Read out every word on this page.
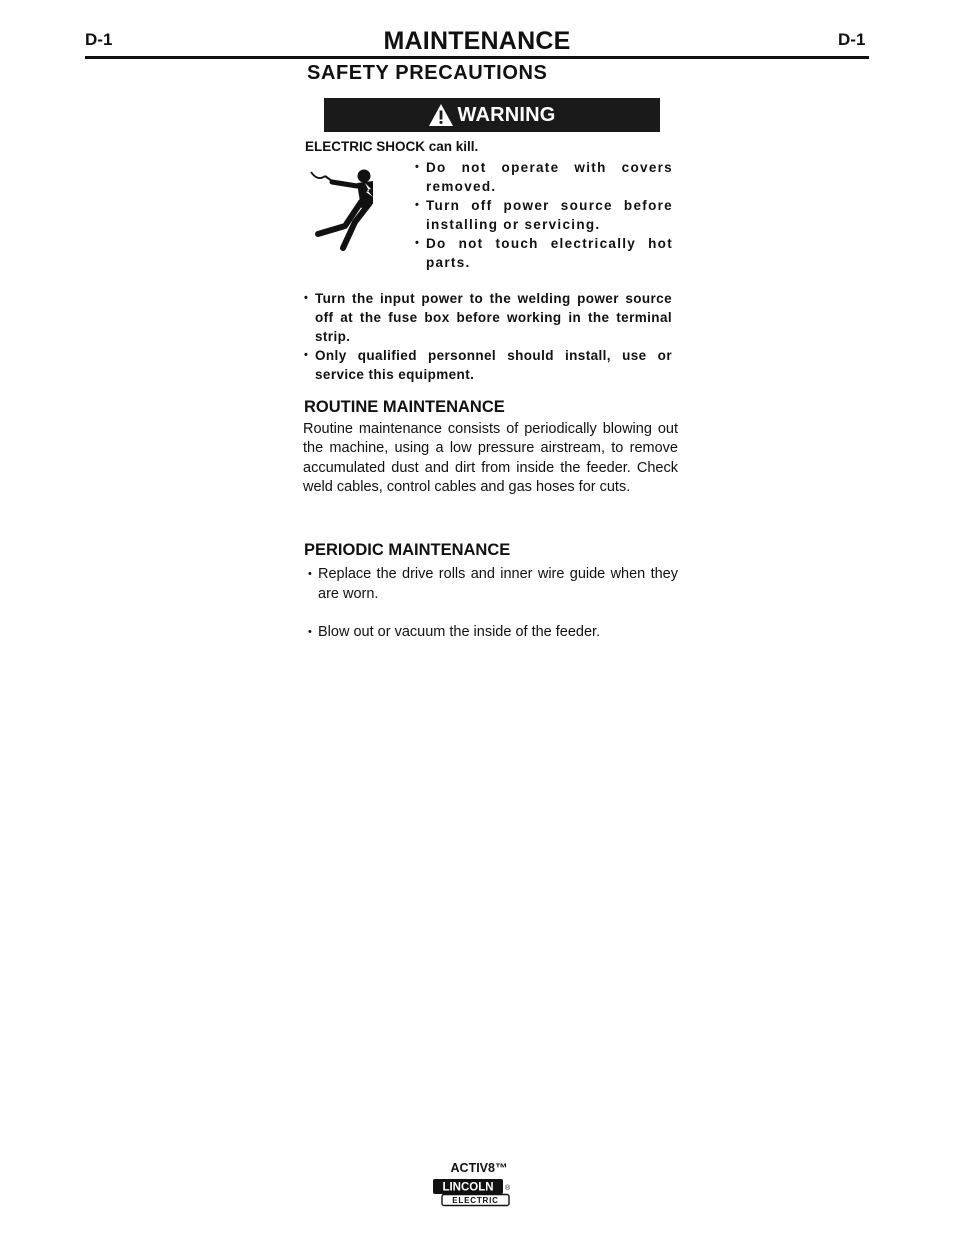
D-1	MAINTENANCE	D-1
SAFETY PRECAUTIONS
WARNING
ELECTRIC SHOCK can kill.
• Do not operate with covers removed.
• Turn off power source before installing or servicing.
• Do not touch electrically hot parts.
• Turn the input power to the welding power source off at the fuse box before working in the terminal strip.
• Only qualified personnel should install, use or service this equipment.
ROUTINE MAINTENANCE

Routine maintenance consists of periodically blowing out the machine, using a low pressure airstream, to remove accumulated dust and dirt from inside the feeder. Check weld cables, control cables and gas hoses for cuts.

PERIODIC MAINTENANCE
• Replace the drive rolls and inner wire guide when they are worn.
• Blow out or vacuum the inside of the feeder.
ACTIV8™
LINCOLN
ELECTRIC
®
